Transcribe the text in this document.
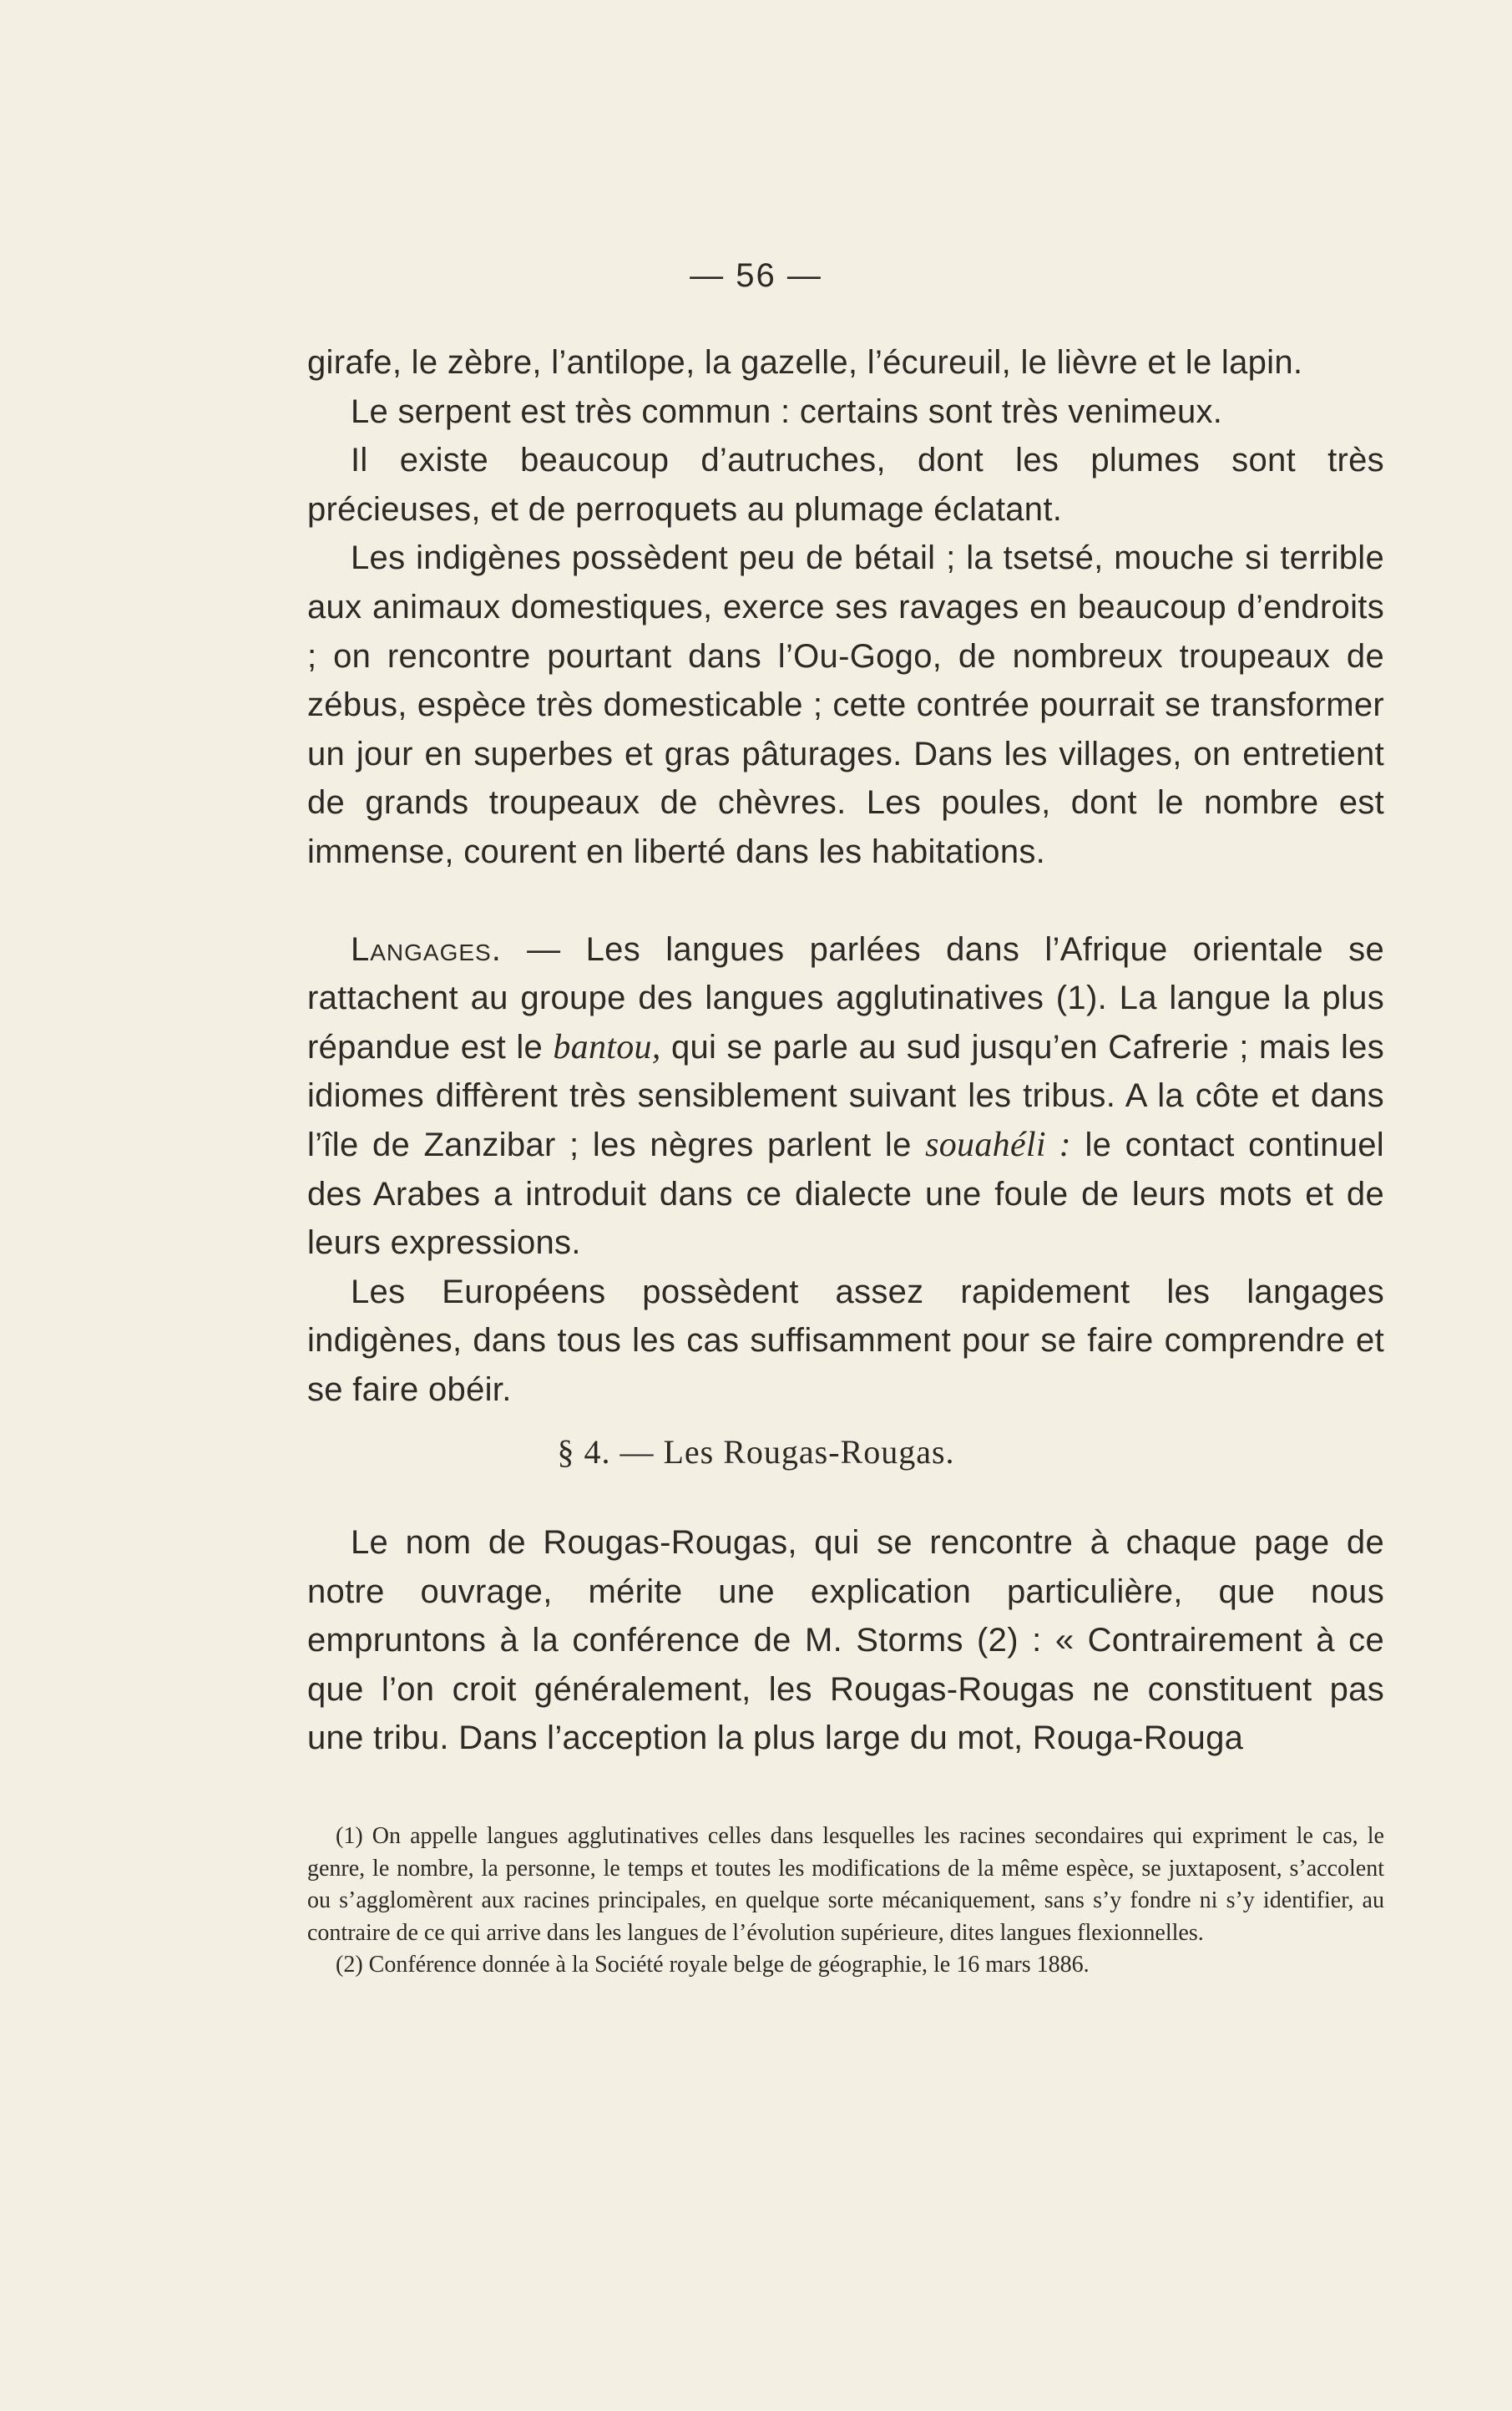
— 56 —

girafe, le zèbre, l’antilope, la gazelle, l’écureuil, le lièvre et le lapin.

Le serpent est très commun : certains sont très venimeux.

Il existe beaucoup d’autruches, dont les plumes sont très précieuses, et de perroquets au plumage éclatant.

Les indigènes possèdent peu de bétail ; la tsetsé, mouche si terrible aux animaux domestiques, exerce ses ravages en beaucoup d’endroits ; on rencontre pourtant dans l’Ou-Gogo, de nombreux troupeaux de zébus, espèce très domesticable ; cette contrée pourrait se transformer un jour en superbes et gras pâturages. Dans les villages, on entretient de grands troupeaux de chèvres. Les poules, dont le nombre est immense, courent en liberté dans les habitations.

Langages. — Les langues parlées dans l’Afrique orientale se rattachent au groupe des langues agglutinatives (1). La langue la plus répandue est le bantou, qui se parle au sud jusqu’en Cafrerie ; mais les idiomes diffèrent très sensiblement suivant les tribus. A la côte et dans l’île de Zanzibar ; les nègres parlent le souahéli : le contact continuel des Arabes a introduit dans ce dialecte une foule de leurs mots et de leurs expressions.

Les Européens possèdent assez rapidement les langages indigènes, dans tous les cas suffisamment pour se faire comprendre et se faire obéir.

§ 4. — Les Rougas-Rougas.

Le nom de Rougas-Rougas, qui se rencontre à chaque page de notre ouvrage, mérite une explication particulière, que nous empruntons à la conférence de M. Storms (2) : « Contrairement à ce que l’on croit généralement, les Rougas-Rougas ne constituent pas une tribu. Dans l’acception la plus large du mot, Rouga-Rouga

(1) On appelle langues agglutinatives celles dans lesquelles les racines secondaires qui expriment le cas, le genre, le nombre, la personne, le temps et toutes les modifications de la même espèce, se juxtaposent, s’accolent ou s’agglomèrent aux racines principales, en quelque sorte mécaniquement, sans s’y fondre ni s’y identifier, au contraire de ce qui arrive dans les langues de l’évolution supérieure, dites langues flexionnelles.

(2) Conférence donnée à la Société royale belge de géographie, le 16 mars 1886.
